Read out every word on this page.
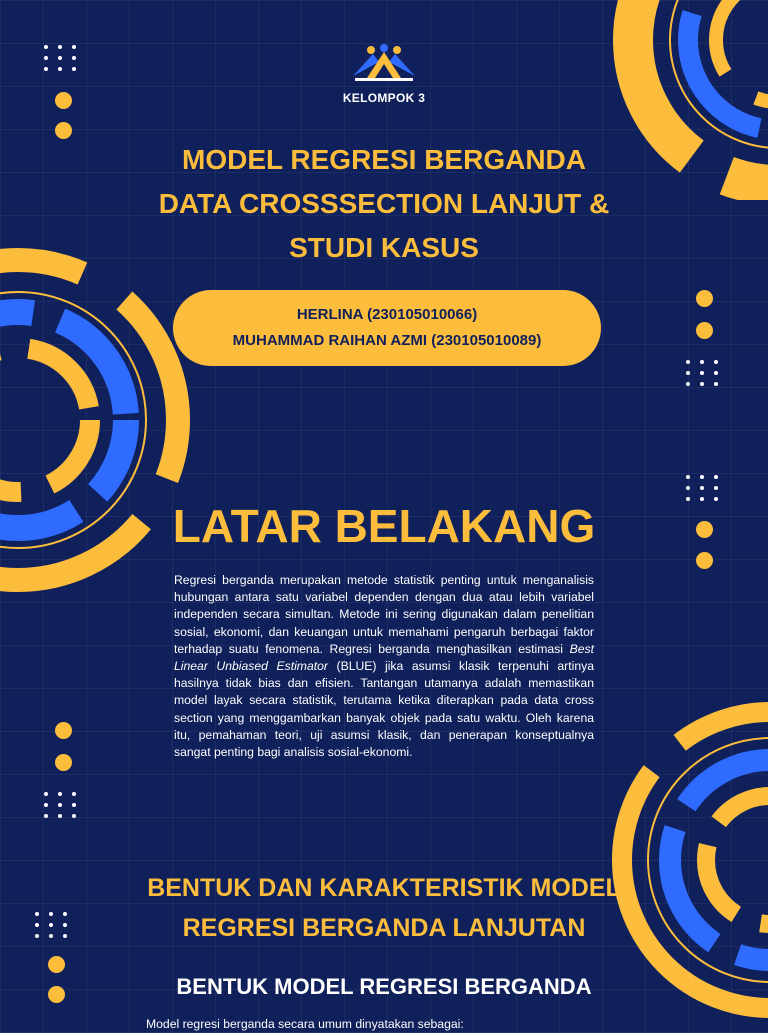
KELOMPOK 3
MODEL REGRESI BERGANDA
DATA CROSSSECTION LANJUT &
STUDI KASUS
HERLINA (230105010066)
MUHAMMAD RAIHAN AZMI (230105010089)
LATAR BELAKANG

Regresi berganda merupakan metode statistik penting untuk menganalisis hubungan antara satu variabel dependen dengan dua atau lebih variabel independen secara simultan. Metode ini sering digunakan dalam penelitian sosial, ekonomi, dan keuangan untuk memahami pengaruh berbagai faktor terhadap suatu fenomena. Regresi berganda menghasilkan estimasi Best Linear Unbiased Estimator (BLUE) jika asumsi klasik terpenuhi artinya hasilnya tidak bias dan efisien. Tantangan utamanya adalah memastikan model layak secara statistik, terutama ketika diterapkan pada data cross section yang menggambarkan banyak objek pada satu waktu. Oleh karena itu, pemahaman teori, uji asumsi klasik, dan penerapan konseptualnya sangat penting bagi analisis sosial-ekonomi.

BENTUK DAN KARAKTERISTIK MODEL
REGRESI BERGANDA LANJUTAN
BENTUK MODEL REGRESI BERGANDA

Model regresi berganda secara umum dinyatakan sebagai:
